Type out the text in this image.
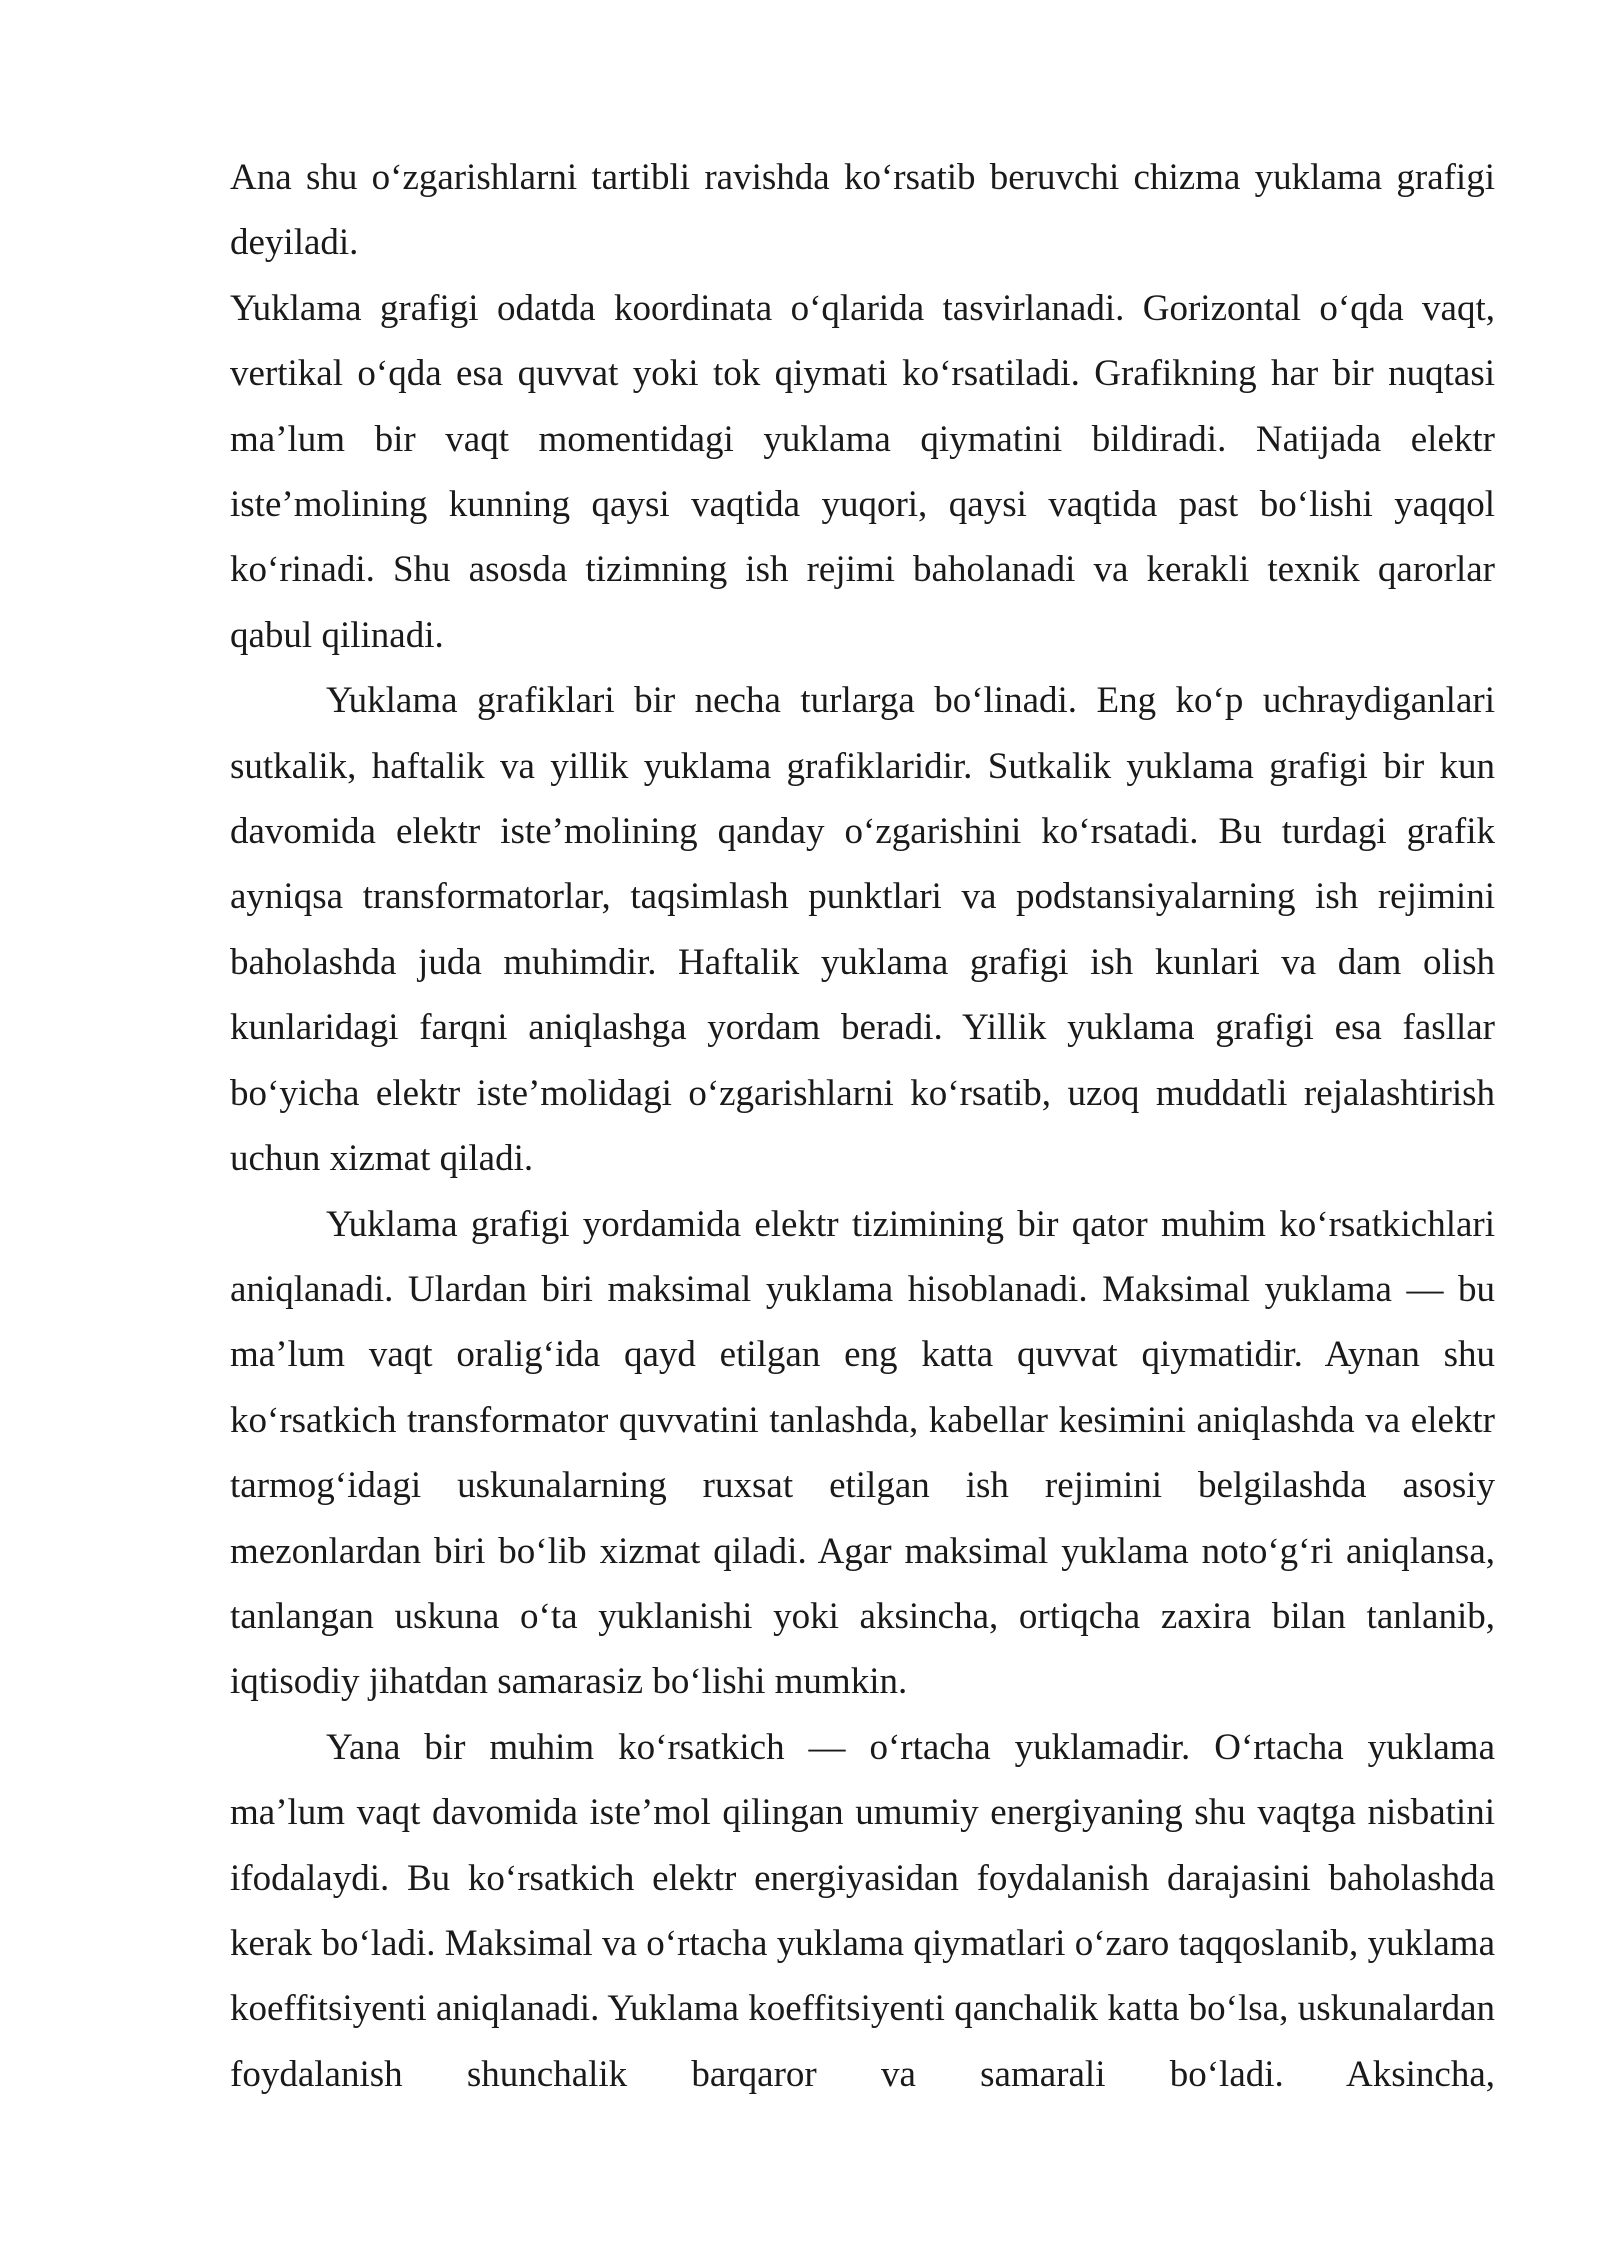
Ana shu o‘zgarishlarni tartibli ravishda ko‘rsatib beruvchi chizma yuklama grafigi deyiladi.

Yuklama grafigi odatda koordinata o‘qlarida tasvirlanadi. Gorizontal o‘qda vaqt, vertikal o‘qda esa quvvat yoki tok qiymati ko‘rsatiladi. Grafikning har bir nuqtasi ma’lum bir vaqt momentidagi yuklama qiymatini bildiradi. Natijada elektr iste’molining kunning qaysi vaqtida yuqori, qaysi vaqtida past bo‘lishi yaqqol ko‘rinadi. Shu asosda tizimning ish rejimi baholanadi va kerakli texnik qarorlar qabul qilinadi.

Yuklama grafiklari bir necha turlarga bo‘linadi. Eng ko‘p uchraydiganlari sutkalik, haftalik va yillik yuklama grafiklaridir. Sutkalik yuklama grafigi bir kun davomida elektr iste’molining qanday o‘zgarishini ko‘rsatadi. Bu turdagi grafik ayniqsa transformatorlar, taqsimlash punktlari va podstansiyalarning ish rejimini baholashda juda muhimdir. Haftalik yuklama grafigi ish kunlari va dam olish kunlaridagi farqni aniqlashga yordam beradi. Yillik yuklama grafigi esa fasllar bo‘yicha elektr iste’molidagi o‘zgarishlarni ko‘rsatib, uzoq muddatli rejalashtirish uchun xizmat qiladi.

Yuklama grafigi yordamida elektr tizimining bir qator muhim ko‘rsatkichlari aniqlanadi. Ulardan biri maksimal yuklama hisoblanadi. Maksimal yuklama — bu ma’lum vaqt oralig‘ida qayd etilgan eng katta quvvat qiymatidir. Aynan shu ko‘rsatkich transformator quvvatini tanlashda, kabellar kesimini aniqlashda va elektr tarmog‘idagi uskunalarning ruxsat etilgan ish rejimini belgilashda asosiy mezonlardan biri bo‘lib xizmat qiladi. Agar maksimal yuklama noto‘g‘ri aniqlansa, tanlangan uskuna o‘ta yuklanishi yoki aksincha, ortiqcha zaxira bilan tanlanib, iqtisodiy jihatdan samarasiz bo‘lishi mumkin.

Yana bir muhim ko‘rsatkich — o‘rtacha yuklamadir. O‘rtacha yuklama ma’lum vaqt davomida iste’mol qilingan umumiy energiyaning shu vaqtga nisbatini ifodalaydi. Bu ko‘rsatkich elektr energiyasidan foydalanish darajasini baholashda kerak bo‘ladi. Maksimal va o‘rtacha yuklama qiymatlari o‘zaro taqqoslanib, yuklama koeffitsiyenti aniqlanadi. Yuklama koeffitsiyenti qanchalik katta bo‘lsa, uskunalardan foydalanish shunchalik barqaror va samarali bo‘ladi. Aksincha,
